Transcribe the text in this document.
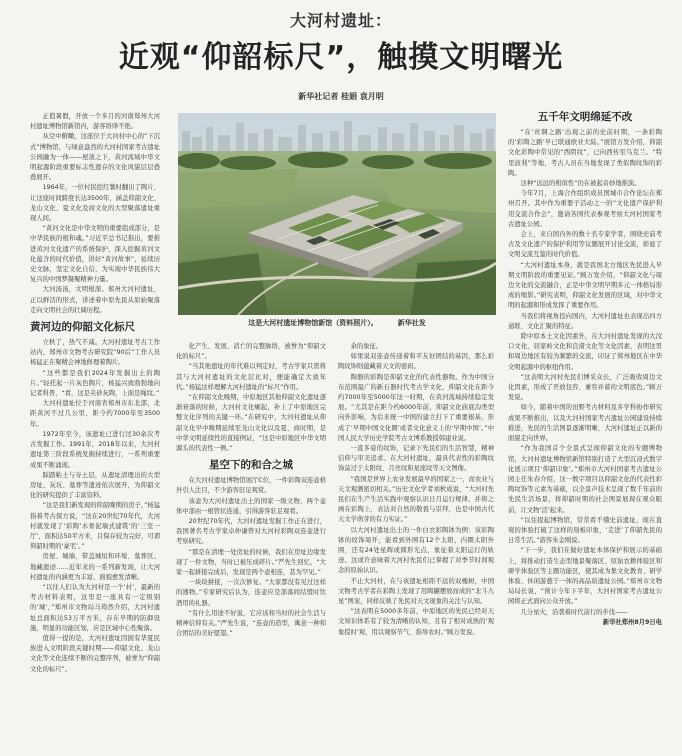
大河村遗址：
近观“仰韶标尺”，触摸文明曙光
新华社记者 桂娟 袁月明

正值暑假，开放一个多月的河南郑州大河村遗址博物馆新馆内，游客络绎不绝。

从空中俯瞰，这座位于大河村中心的“下沉式”博物馆，与绿意盎然的大河村国家考古遗址公园融为一体——屋顶之下，黄河流域中华文明起源阶段重要标志性遗存的文化风貌层层叠叠展开。

1964年，一位村民挖红薯时翻出了陶片，让这座时间跨度长达3500年，涵盖仰韶文化、龙山文化、夏文化及商文化的大型聚落遗址重现人间。

“黄河文化是中华文明的重要组成部分，是中华民族的根和魂。”习近平总书记指出，要推进黄河文化遗产的系统保护，深入挖掘黄河文化蕴含的时代价值，讲好“黄河故事”，延续历史文脉，坚定文化自信，为实现中华民族伟大复兴的中国梦凝聚精神力量。

大河汤汤，文明根深。郑州大河村遗址，正以鲜活的形式，讲述着中原先民从原始聚落走向文明社会的壮阔历程。

黄河边的仰韶文化标尺

立秋了，热气不减。大河村遗址考古工作站内，郑州市文物考古研究院“90后”工作人员杨猛正在聚精会神地修理着陶片。

“这些都是我们2024年发掘出土的陶片。”轻托起一片灰色陶片，杨猛兴致勃勃地向记者科普，“看，这是夹砂灰陶，上面是绳纹。”

大河村遗址位于河南省郑州市东北部，北距黄河不过几公里，距今约7000年至3500年。

1972年至今，该遗址已进行过30余次考古发掘工作。1991年，2018年以来，大河村遗址第三阶段系统发掘持续进行，一系列重要成果不断涌现。

踩踏粘土与夯土层，从遗址清理出的大型房址、灰坑、墓葬等遗迹依次展开，为仰韶文化的研究提供了丰富资料。

“这是我们新发现的仰韶晚期的房子，”杨猛指着考古探方说，“这在20世纪70年代，大河村就发现了‘彩陶’木骨泥墙式建筑’的‘三室一厅’，面积达50平方米，且保存较为完好，可谓仰韶时期的‘豪宅’。”

房屋、城墙、带盖城垣和环壕、墓葬区、地藏遗迹……近年来的一系列新发现，让大河村遗址的内涵更为丰富、面貌愈发清晰。

“以往人们认为大河村是一个‘村’，最新的考古材料表明，这里是一座具有一定级别的‘城’，”郑州市文物局马筠然介绍，大河村遗址总面积达53万平方米，存在早期的防御设施，明显的功能区划，应是区域中心性聚落。

值得一提的是，大河村遗址因拥有华夏民族进入文明阶段关键时期——仰韶文化、龙山文化等文化连续不断的完整序列，被誉为“仰韶文化的标尺”。

这是大河村遗址博物馆新馆（资料照片）。	新华社发

化产生、发展、消亡的完整脉络，被誉为“仰韶文化的标尺”。

“当其他遗址的年代难以判定时，考古学家只需将其与大河村遗址的文化层比对，便能确定大致年代。”杨猛这样理解大河村遗址的“标尺”作用。

“在仰韶文化晚期，中原地区其他仰韶文化遗址逐渐衰落的时候，大河村文化崛起，补上了中原地区完整文化序列的关键一环。”在研究中，大河村遗址从仰韶文化早中晚期延续至龙山文化以及夏、商时期，是中华文明延续性的直接例证，“这是中原地区中华文明源头的代表性一例。”

星空下的和合之城

在大河村遗址博物馆展厅C位，一件彩陶双连壶格外引人注目，不少游客驻足观赏。

该壶为大河村遗址出土的国家一级文物，两个壶体中部由一根管状连通，引得游客驻足观看。

20世纪70年代，大河村遗址发掘工作正在进行，我国著名考古学家卓仲谦曾对大河村彩陶双连壶进行考察研究。

“那是在清理一处房址的时候，我们在房址边缘发现了一件文物，当时已被压成碎片。”严先生回忆，“大家一起拼接完成后，发现是两个壶相连，甚为罕见。”

一块块拼接，一次次修复。“大家都没有见过这样的器物。”专家研究后认为，连壶应是部落间结盟时饮酒用的礼器。

“有什么用途不好说，它应该和当时的社会生活与精神信仰有关。”严先生说，“连壶的造型，寓意一种和合团结的美好愿望。”

余的象征。

如果说双连壶传递着和平友好团结的基因，那么彩陶纹饰则蕴藏着天文的密码。

陶器的彩陶是仰韶文化的代表性器物。作为中国分布范围最广的新石器时代考古学文化，仰韶文化在距今约7000年至5000年这一时期，在黄河流域持续稳定发展。“尤其是在距今约6000年前，仰韶文化庙底沟类型向外影响，为后来统一中国的建立打下了重要根基，形成了‘早期中国文化圈’或者文化意义上的‘早期中国’。”中国人民大学历史学院考古文博系教授韩建业说。

一直多姿的纹饰，记录下先民们的生活智慧，精神信仰与审美追求。在大河村遗址，最具代表性的彩陶纹饰莫过于太阳纹、月亮纹和星座纹等天文图像。

“我国是世界上农业发展最早的国家之一，而农业与天文观测密切相关。”历史文化学者刘秋成说，“大河村先民们在生产生活实践中观察认识日月运行规律，并将之画在彩陶上，表达对自然的敬畏与崇拜，也是中国古代天文学萌芽的有力实证。”

以大河村遗址出土的一件白衣彩陶钵为例：该彩陶钵的纹饰周开，能看到外围有12个太阳，内圈太阳外围，还有24处星辉或圆形光点，象征着太阳运行的轨迹。这或许意味着大河村先民们已掌握了对季节时间观念的原始认识。

不止大河村，在与该遗址相距不远的双槐树，中国文物考古学者在彩陶上发现了用陶罐摆放而成的“北斗九星”图案，同样反映了先民对天文现象的关注与认知。

“这表明在5000多年前，中原地区的先民已经对天文知识体系有了较为清晰的认知，且有了相对成熟的‘观象授时’观，用以观察节气、指导农时。”顾万发说。

五千年文明绵延不改

“在‘丝绸之路’出现之前的史前时期，一条彩陶的‘彩陶之路’早已联通欧亚大陆。”展馆万发介绍，仰韶文化彩陶中常见的“西阴纹”，已向西传至乌克兰。“特里波利”等地，考古人员在当地发现了类似陶纹饰的彩陶。

这种“远远的相似性”仍在被起奇妙地推演。

今年7月，上海合作组织成员国城市合作论坛在郑州召开。其中作为重要子活动之一的“文化遗产保护利用交流合作会”，邀请各国代表参观考察大河村国家考古遗址公园。

会上，来自国内外的数十名专家学者，围绕史前考古及文化遗产的保护利用等议题展开讨论交流，彰显了文明交流互鉴的时代价值。

“大河村遗址本身，就是我国北方地区先民进入早期文明阶段的重要见证。”顾万发介绍，“仰韶文化与周边文化的交流融合，正是中华文明早期多元一体格局形成的缩影。”研究表明，仰韶文化发展的区域，对中华文明的起源和形成发挥了重要作用。

当我们将视角投向国内，大河村遗址也表现出四方通联、文化汇聚的特征。

除中原本土文化因素外，在大河村遗址发现的大汶口文化、屈家岭文化和良渚文化等文化因素，表明这里和周边地区有较为频繁的交流，印证了郑州地区在中华文明起源中的枢纽作用。

“这表明大河村先民们博采众长，广泛吸收周边文化因素，形成了开放包容、兼容并蓄的文明底色。”顾万发说。

如今，随着中国的田野考古材料及多学科协作研究成果不断推出，以及大河村国家考古遗址公园建设持续推进，先民的生活图景逐渐明晰，大河村遗址正以新的面貌走向世界。

“作为我国首个全景式呈现仰韶文化的专题博物馆，大河村遗址博物馆新馆特别打造了大型沉浸式数字化展示项目‘仰韶印象’。”郑州市大河村国家考古遗址公园主任朱春介绍，这一数字项目以仰韶文化的代表性彩陶纹饰等元素为基础，以全景声技术呈现了数千年前的先民生活场景，将仰韶时期的社会图景展现在观众眼前，让文物‘活’起来。

“以往提起博物馆，常常看不懂史前遗址，现在直观的体验打破了这样的刻板印象，‘走进’了仰韶先民的日常生活。”游客朱金刚说。

“下一步，我们在做好遗址本体保护和展示的基础上，将推动打造生态型地景聚落区、原始农耕体验区和研学体验区等主题功能区，使其成为集文化教育、研学体验、休闲游憩于一体的高品质遗址公园。”郑州市文物局局长说，“预计今年下半年，大河村国家考古遗址公园将正式面向公众开放。”

几分星火，沿袭着时代前行的步伐——

新华社郑州8月9日电
